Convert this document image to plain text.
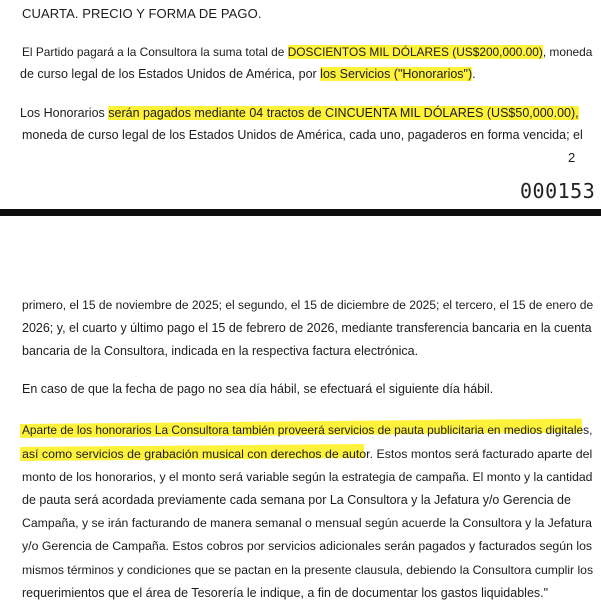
CUARTA. PRECIO Y FORMA DE PAGO.
El Partido pagará a la Consultora la suma total de DOSCIENTOS MIL DÓLARES (US$200,000.00), moneda
de curso legal de los Estados Unidos de América, por los Servicios ("Honorarios").
Los Honorarios serán pagados mediante 04 tractos de CINCUENTA MIL DÓLARES (US$50,000.00),
moneda de curso legal de los Estados Unidos de América, cada uno, pagaderos en forma vencida; el
2
000153
primero, el 15 de noviembre de 2025; el segundo, el 15 de diciembre de 2025; el tercero, el 15 de enero de
2026; y, el cuarto y último pago el 15 de febrero de 2026, mediante transferencia bancaria en la cuenta
bancaria de la Consultora, indicada en la respectiva factura electrónica.
En caso de que la fecha de pago no sea día hábil, se efectuará el siguiente día hábil.
Aparte de los honorarios La Consultora también proveerá servicios de pauta publicitaria en medios digitales,
así como servicios de grabación musical con derechos de autor. Estos montos será facturado aparte del
monto de los honorarios, y el monto será variable según la estrategia de campaña. El monto y la cantidad
de pauta será acordada previamente cada semana por La Consultora y la Jefatura y/o Gerencia de
Campaña, y se irán facturando de manera semanal o mensual según acuerde la Consultora y la Jefatura
y/o Gerencia de Campaña. Estos cobros por servicios adicionales serán pagados y facturados según los
mismos términos y condiciones que se pactan en la presente clausula, debiendo la Consultora cumplir los
requerimientos que el área de Tesorería le indique, a fin de documentar los gastos liquidables."
